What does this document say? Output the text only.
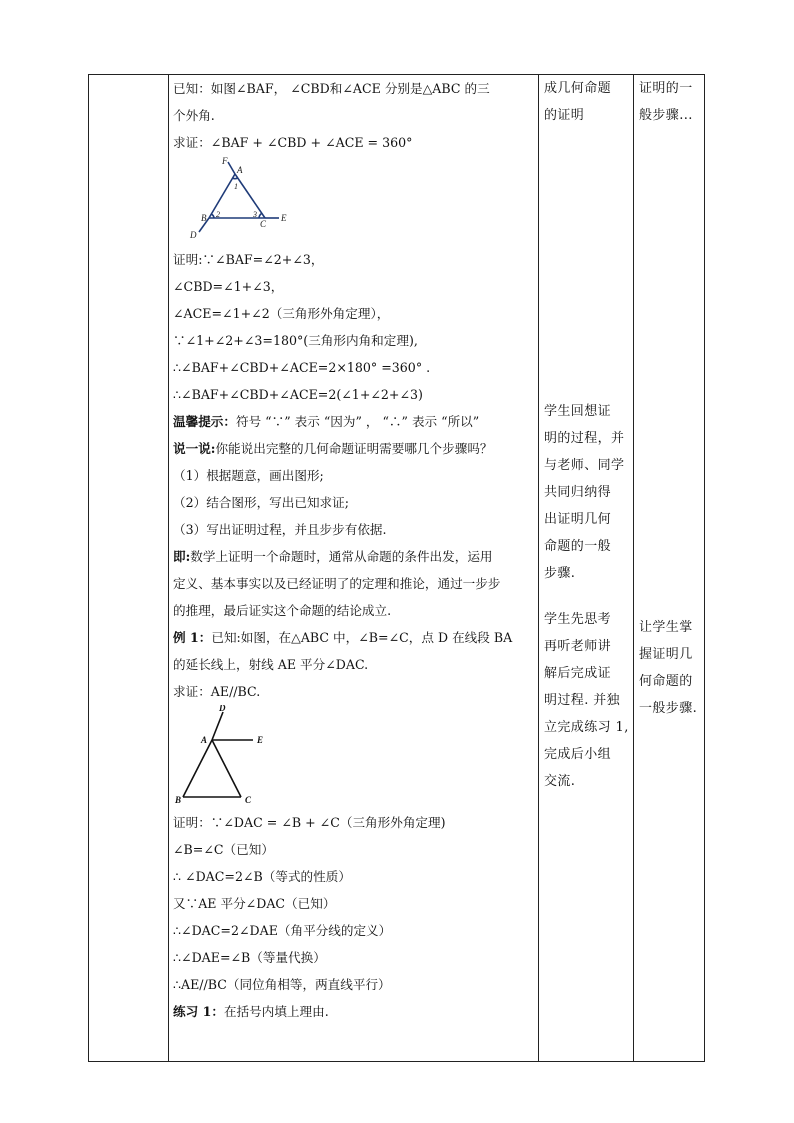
已知：如图∠BAF， ∠CBD和∠ACE 分别是△ABC 的三
个外角.
求证：∠BAF + ∠CBD + ∠ACE = 360°
F
A
1
B 2	3
C
E
D
证明:∵∠BAF=∠2+∠3，
∠CBD=∠1+∠3，
∠ACE=∠1+∠2（三角形外角定理），
∵∠1+∠2+∠3=180°(三角形内角和定理),
∴∠BAF+∠CBD+∠ACE=2×180° =360° .
∴∠BAF+∠CBD+∠ACE=2(∠1+∠2+∠3)
温馨提示：符号 “∵” 表示 “因为” ， “∴” 表示 “所以”
说一说:你能说出完整的几何命题证明需要哪几个步骤吗？
（1）根据题意，画出图形;
（2）结合图形，写出已知求证;
（3）写出证明过程，并且步步有依据.
即:数学上证明一个命题时，通常从命题的条件出发，运用
定义、基本事实以及已经证明了的定理和推论，通过一步步
的推理，最后证实这个命题的结论成立.
例 1：已知:如图，在△ABC 中，∠B=∠C，点 D 在线段 BA
的延长线上，射线 AE 平分∠DAC.
求证：AE//BC.
D
A	E
B	C
证明：∵∠DAC = ∠B + ∠C（三角形外角定理)
∠B=∠C（已知）
∴ ∠DAC=2∠B（等式的性质）
又∵AE 平分∠DAC（已知）
∴∠DAC=2∠DAE（角平分线的定义）
∴∠DAE=∠B（等量代换）
∴AE//BC（同位角相等，两直线平行）
练习 1：在括号内填上理由.

成几何命题
的证明
学生回想证
明的过程，并
与老师、同学
共同归纳得
出证明几何
命题的一般
步骤.
学生先思考
再听老师讲
解后完成证
明过程. 并独
立完成练习 1,
完成后小组
交流.

证明的一
般步骤...
让学生掌
握证明几
何命题的
一般步骤.
